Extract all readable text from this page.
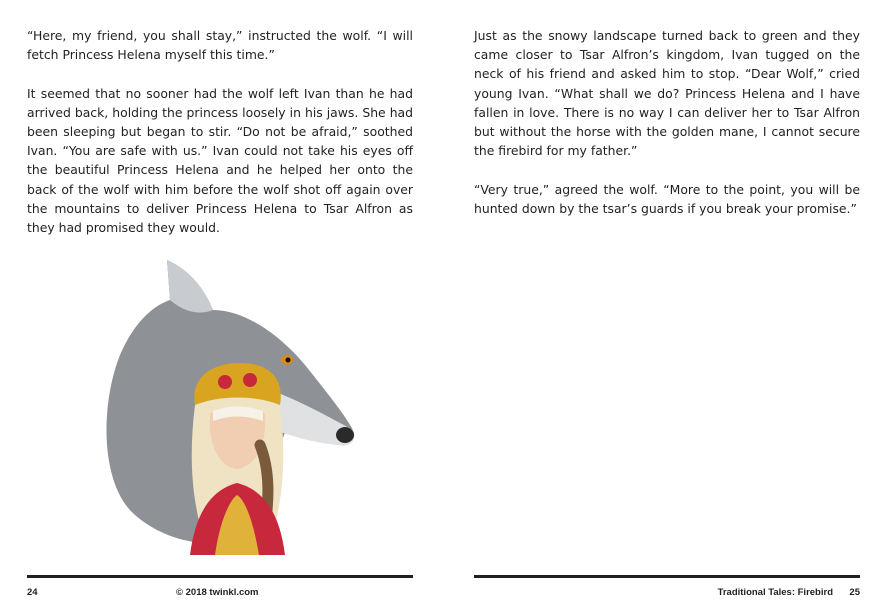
“Here, my friend, you shall stay,” instructed the wolf. “I will fetch Princess Helena myself this time.”

It seemed that no sooner had the wolf left Ivan than he had arrived back, holding the princess loosely in his jaws. She had been sleeping but began to stir. “Do not be afraid,” soothed Ivan. “You are safe with us.” Ivan could not take his eyes off the beautiful Princess Helena and he helped her onto the back of the wolf with him before the wolf shot off again over the mountains to deliver Princess Helena to Tsar Alfron as they had promised they would.

Just as the snowy landscape turned back to green and they came closer to Tsar Alfron’s kingdom, Ivan tugged on the neck of his friend and asked him to stop. “Dear Wolf,” cried young Ivan. “What shall we do? Princess Helena and I have fallen in love. There is no way I can deliver her to Tsar Alfron but without the horse with the golden mane, I cannot secure the firebird for my father.”

“Very true,” agreed the wolf. “More to the point, you will be hunted down by the tsar’s guards if you break your promise.”

24	© 2018 twinkl.com	Traditional Tales: Firebird 25
